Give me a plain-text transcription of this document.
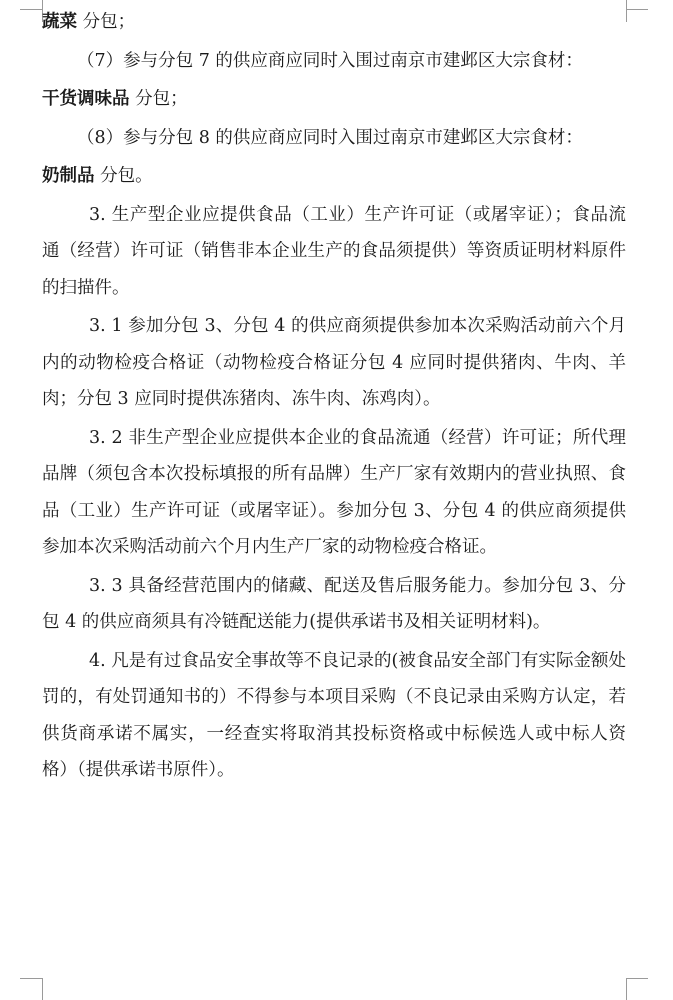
蔬菜 分包；

（7）参与分包 7 的供应商应同时入围过南京市建邺区大宗食材：

干货调味品 分包；

（8）参与分包 8 的供应商应同时入围过南京市建邺区大宗食材：

奶制品 分包。

3. 生产型企业应提供食品（工业）生产许可证（或屠宰证）；食品流通（经营）许可证（销售非本企业生产的食品须提供）等资质证明材料原件的扫描件。

3. 1 参加分包 3、分包 4 的供应商须提供参加本次采购活动前六个月内的动物检疫合格证（动物检疫合格证分包 4 应同时提供猪肉、牛肉、羊肉；分包 3 应同时提供冻猪肉、冻牛肉、冻鸡肉）。

3. 2 非生产型企业应提供本企业的食品流通（经营）许可证；所代理品牌（须包含本次投标填报的所有品牌）生产厂家有效期内的营业执照、食品（工业）生产许可证（或屠宰证）。参加分包 3、分包 4 的供应商须提供参加本次采购活动前六个月内生产厂家的动物检疫合格证。

3. 3 具备经营范围内的储藏、配送及售后服务能力。参加分包 3、分包 4 的供应商须具有冷链配送能力(提供承诺书及相关证明材料)。

4. 凡是有过食品安全事故等不良记录的(被食品安全部门有实际金额处罚的，有处罚通知书的）不得参与本项目采购（不良记录由采购方认定，若供货商承诺不属实，一经查实将取消其投标资格或中标候选人或中标人资格）（提供承诺书原件）。
